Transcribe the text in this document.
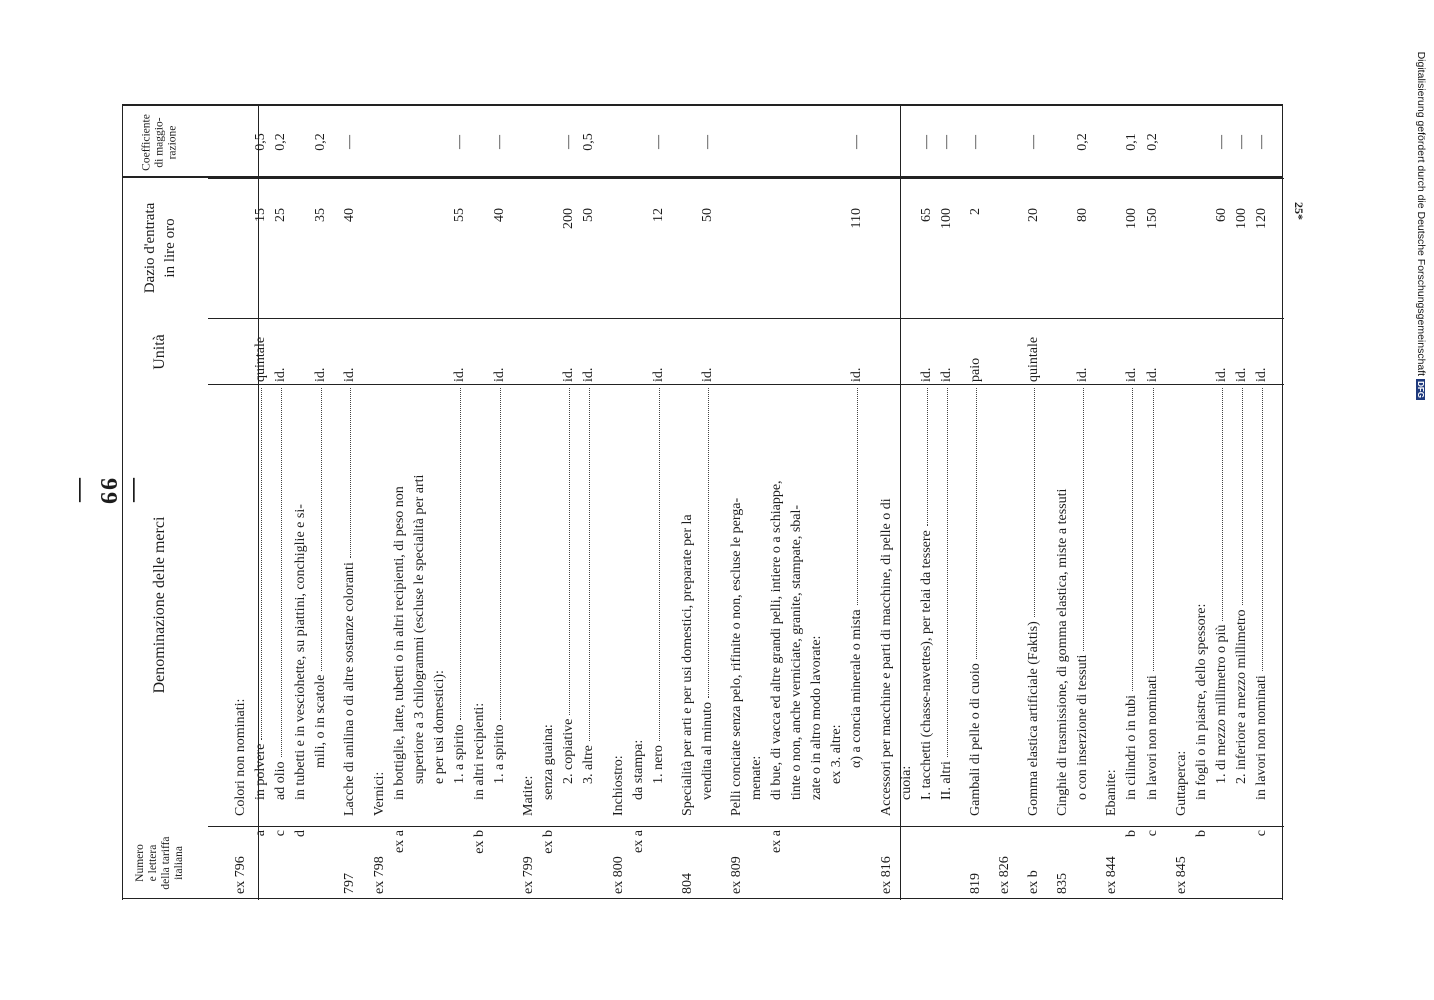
— 99 —
Digitalisierung gefördert durch die Deutsche Forschungsgemeinschaft
DFG
25*
Numero e lettera della tariffa italiana
Denominazione delle merci
Unità
Dazio d'entrata in lire oro
Coefficiente di maggio- razione
ex 796
Colori non nominati:
a
in polvere
quintale
15
0,5
c
ad olio
id.
25
0,2
d
in tubetti e in vesciohette, su piattini, conchiglie e si- mili, o in scatole
id.
35
0,2
797
Lacche di anilina o di altre sostanze coloranti
id.
40
—
ex 798
Vernici:
ex a
in bottiglie, latte, tubetti o in altri recipienti, di peso non superiore a 3 chilogrammi (escluse le specialità per arti e per usi domestici): 1. a spirito
id.
55
—
ex b
in altri recipienti: 1. a spirito
id.
40
—
ex 799
Matite:
ex b
senza guaina: 2. copiative
id.
200
—
3. altre
id.
50
0,5
ex 800
Inchiostro:
ex a
da stampa: 1. nero
id.
12
—
804
Specialità per arti e per usi domestici, preparate per la vendita al minuto
id.
50
—
ex 809
Pelli conciate senza pelo, rifinite o non, escluse le perga- menate:
ex a
di bue, di vacca ed altre grandi pelli, intiere o a schiappe, tinte o non, anche verniciate, granite, stampate, sbal- zate o in altro modo lavorate: ex 3. altre: α) a concia minerale o mista
id.
110
—
ex 816
Accessori per macchine e parti di macchine, di pelle o di cuoia: I. tacchetti (chasse-navettes), per telai da tessere
id.
65
—
II. altri
id.
100
—
819
Gambali di pelle o di cuoio
paio
2
—
ex 826 ex b
Gomma elastica artificiale (Faktis)
quintale
20
—
835
Cinghie di trasmissione, di gomma elastica, miste a tessuti o con inserzione di tessuti
id.
80
0,2
ex 844
Ebanite:
b
in cilindri o in tubi
id.
100
0,1
c
in lavori non nominati
id.
150
0,2
ex 845
Guttaperca:
b
in fogli o in piastre, dello spessore: 1. di mezzo millimetro o più
id.
60
—
2. inferiore a mezzo millimetro
id.
100
—
c
in lavori non nominati
id.
120
—
